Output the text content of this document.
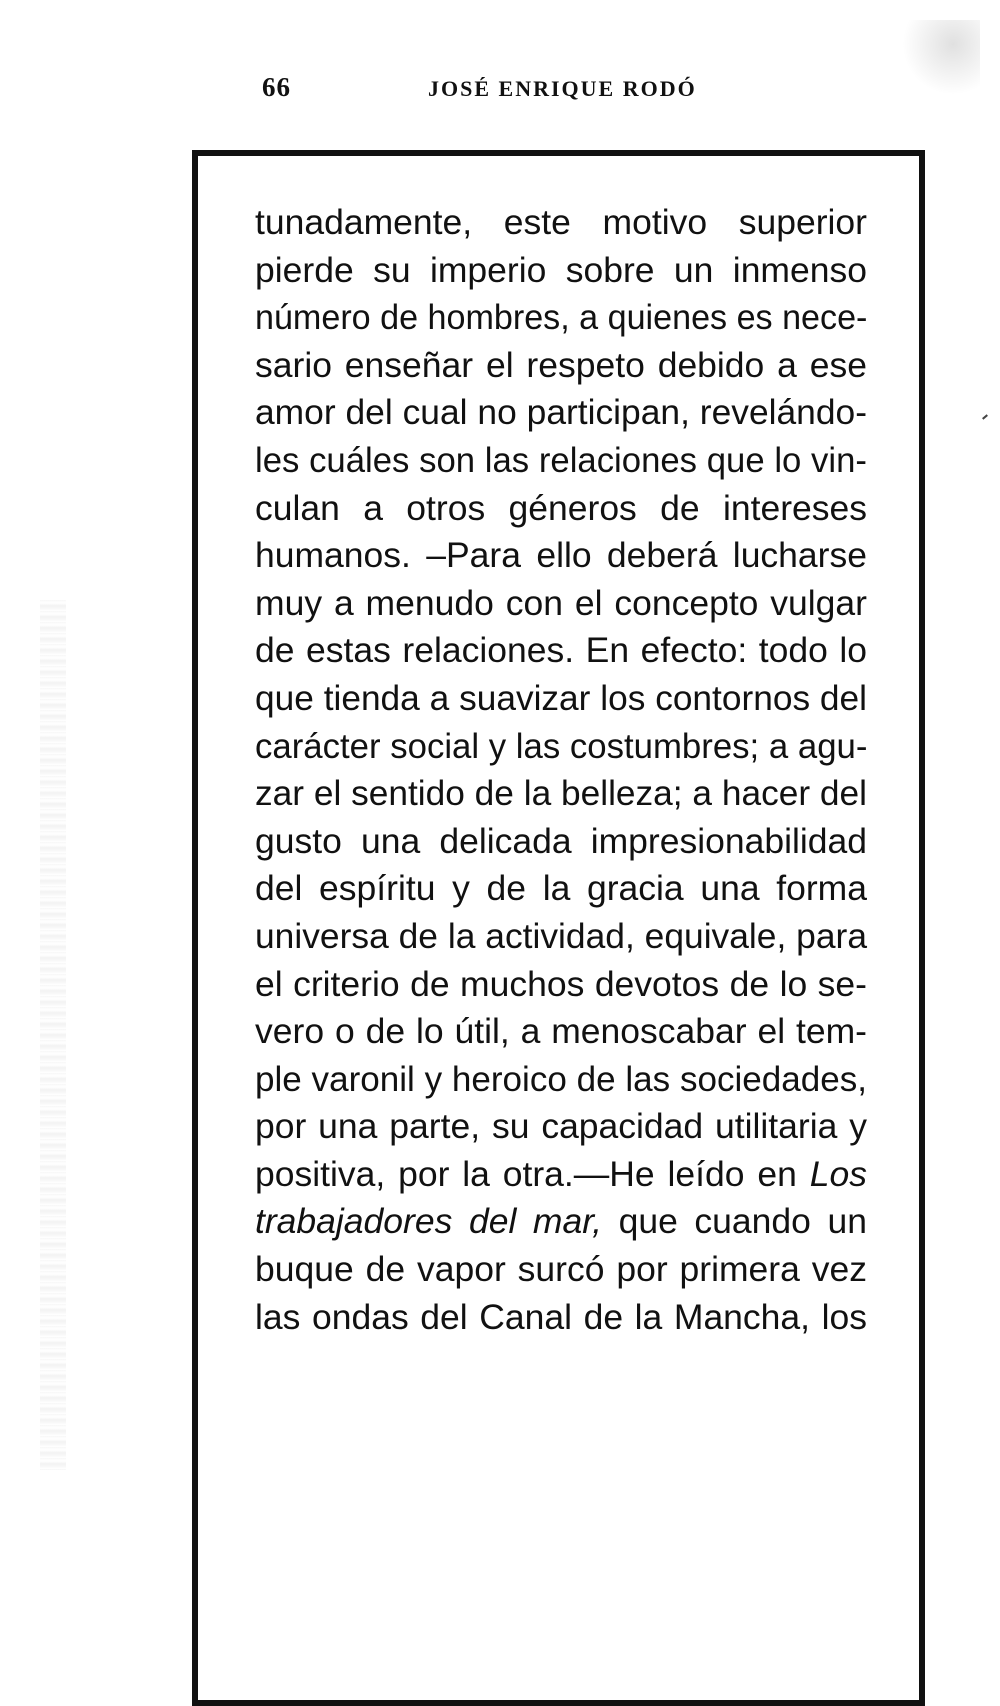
66	JOSÉ ENRIQUE RODÓ
tunadamente, este motivo superior
pierde su imperio sobre un inmenso
número de hombres, a quienes es nece-
sario enseñar el respeto debido a ese
amor del cual no participan, revelándo-
les cuáles son las relaciones que lo vin-
culan a otros géneros de intereses
humanos. –Para ello deberá lucharse
muy a menudo con el concepto vulgar
de estas relaciones. En efecto: todo lo
que tienda a suavizar los contornos del
carácter social y las costumbres; a agu-
zar el sentido de la belleza; a hacer del
gusto una delicada impresionabilidad
del espíritu y de la gracia una forma
universa de la actividad, equivale, para
el criterio de muchos devotos de lo se-
vero o de lo útil, a menoscabar el tem-
ple varonil y heroico de las sociedades,
por una parte, su capacidad utilitaria y
positiva, por la otra.—He leído en Los
trabajadores del mar, que cuando un
buque de vapor surcó por primera vez
las ondas del Canal de la Mancha, los
